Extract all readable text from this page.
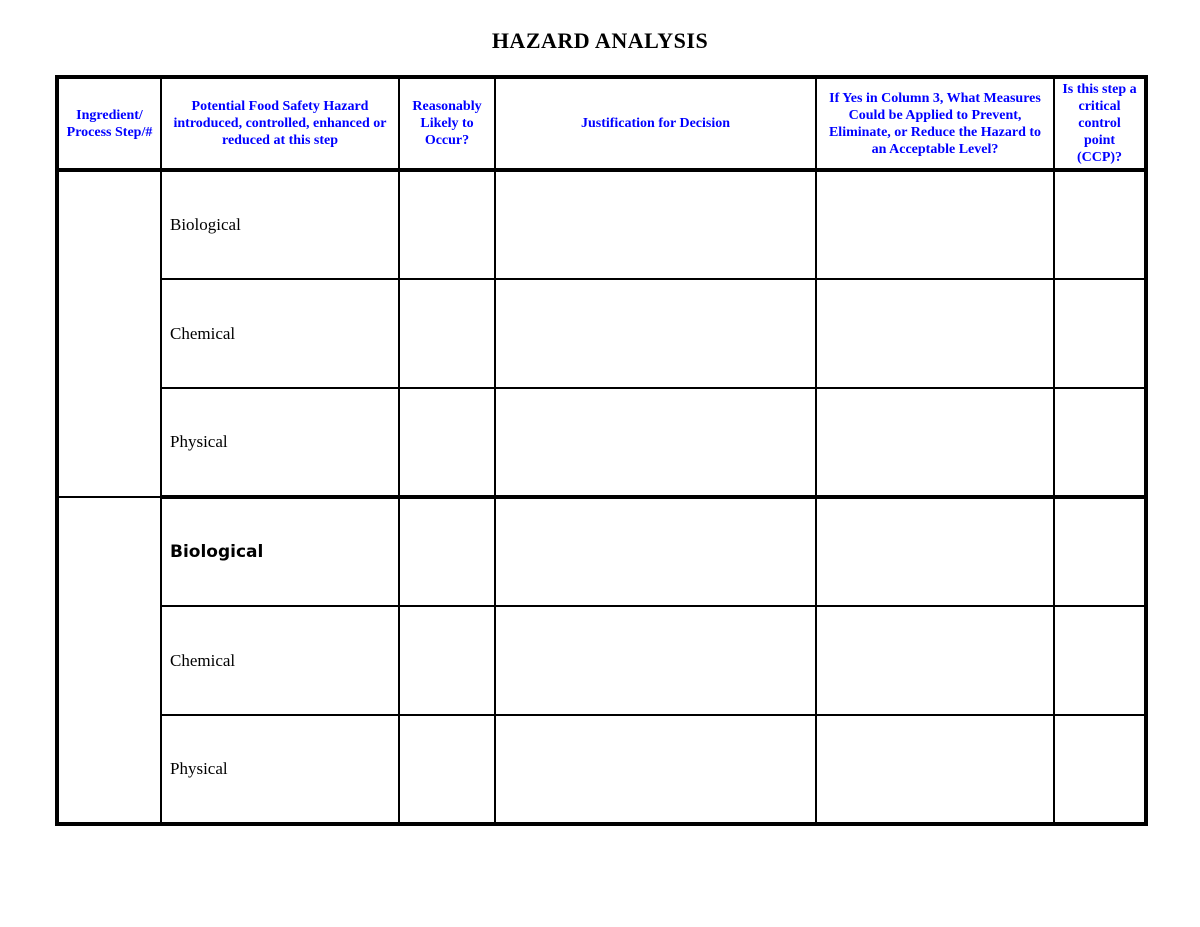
HAZARD ANALYSIS
Ingredient/ Process Step/#	Potential Food Safety Hazard introduced, controlled, enhanced or reduced at this step	Reasonably Likely to Occur?	Justification for Decision	If Yes in Column 3, What Measures Could be Applied to Prevent, Eliminate, or Reduce the Hazard to an Acceptable Level?	Is this step a critical control point (CCP)?
	Biological				
	Chemical				
	Physical				
	Biological				
	Chemical				
	Physical				
